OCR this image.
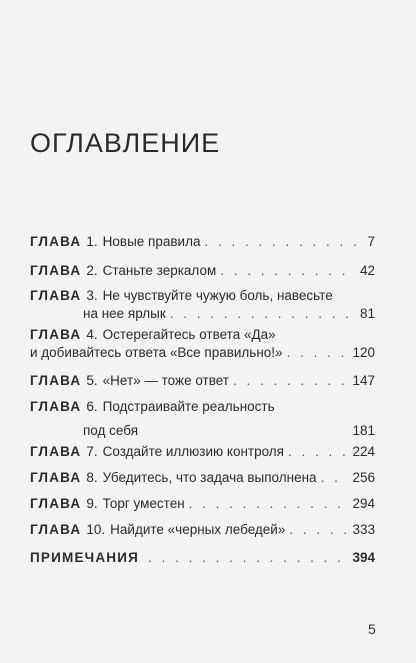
ОГЛАВЛЕНИЕ
ГЛАВА 1. Новые правила . . .	7
ГЛАВА 2. Станьте зеркалом . . .	42
ГЛАВА 3. Не чувствуйте чужую боль, навесьте
на нее ярлык . . .	81
ГЛАВА 4. Остерегайтесь ответа «Да»
и добивайтесь ответа «Все правильно!» . . .	120
ГЛАВА 5. «Нет» — тоже ответ . . .	147
ГЛАВА 6. Подстраивайте реальность
под себя	181
ГЛАВА 7. Создайте иллюзию контроля . . .	224
ГЛАВА 8. Убедитесь, что задача выполнена . . .	256
ГЛАВА 9. Торг уместен . . .	294
ГЛАВА 10. Найдите «черных лебедей» . . .	333
ПРИМЕЧАНИЯ . . .	394
5
